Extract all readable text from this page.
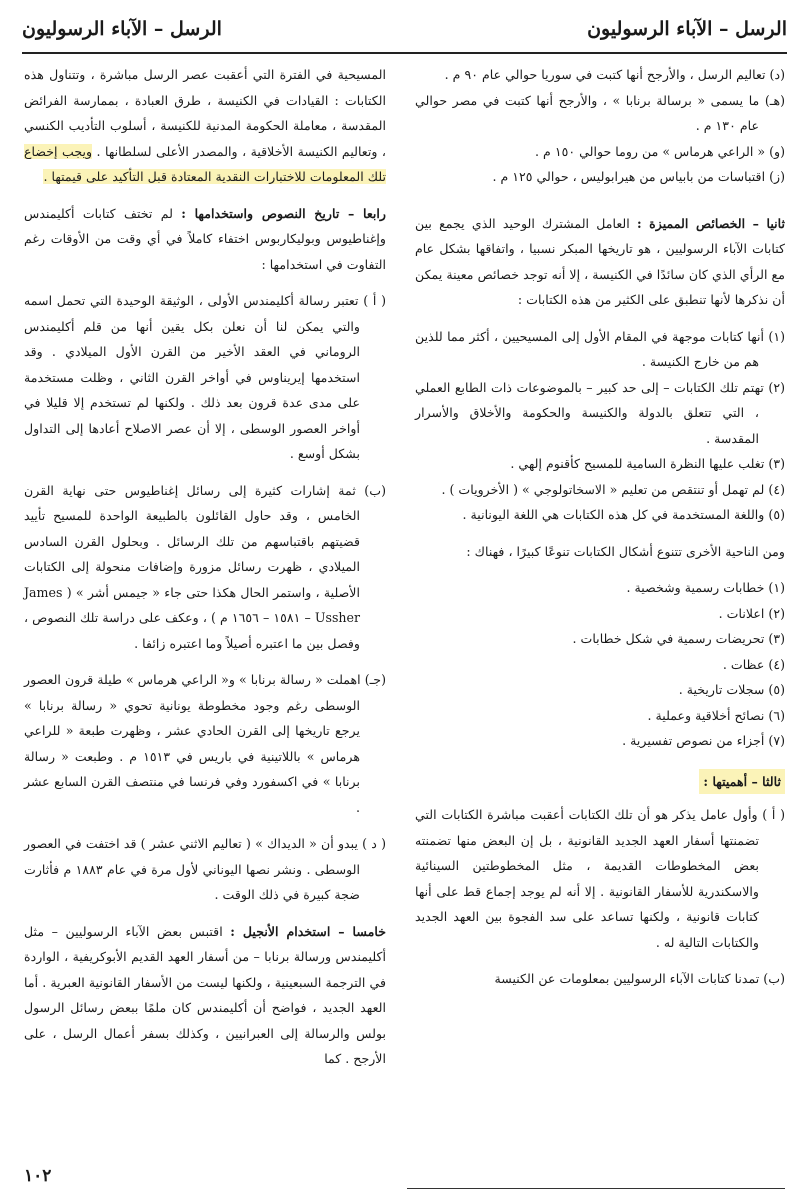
الرسل – الآباء الرسوليون
الرسل – الآباء الرسوليون
(د) تعاليم الرسل ، والأرجح أنها كتبت في سوريا حوالي عام ٩٠ م .
(هـ) ما يسمى « برسالة برنابا » ، والأرجح أنها كتبت في مصر حوالي عام ١٣٠ م .
(و) « الراعي هرماس » من روما حوالي ١٥٠ م .
(ز) اقتباسات من بابياس من هيرابوليس ، حوالي ١٢٥ م .

ثانيا – الخصائص المميزة : العامل المشترك الوحيد الذي يجمع بين كتابات الآباء الرسوليين ، هو تاريخها المبكر نسبيا ، واتفاقها بشكل عام مع الرأي الذي كان سائدًا في الكنيسة ، إلا أنه توجد خصائص معينة يمكن أن نذكرها لأنها تنطبق على الكثير من هذه الكتابات :

(١) أنها كتابات موجهة في المقام الأول إلى المسيحيين ، أكثر مما للذين هم من خارج الكنيسة .
(٢) تهتم تلك الكتابات – إلى حد كبير – بالموضوعات ذات الطابع العملي ، التي تتعلق بالدولة والكنيسة والحكومة والأخلاق والأسرار المقدسة .
(٣) تغلب عليها النظرة السامية للمسيح كأقنوم إلهي .
(٤) لم تهمل أو تنتقص من تعليم « الاسخاتولوجي » ( الأخرويات ) .
(٥) واللغة المستخدمة في كل هذه الكتابات هي اللغة اليونانية .

ومن الناحية الأخرى تتنوع أشكال الكتابات تنوعًا كبيرًا ، فهناك :

(١) خطابات رسمية وشخصية .
(٢) اعلانات .
(٣) تحريضات رسمية في شكل خطابات .
(٤) عظات .
(٥) سجلات تاريخية .
(٦) نصائح أخلاقية وعملية .
(٧) أجزاء من نصوص تفسيرية .
ثالثا – أهميتها :

( أ ) وأول عامل يذكر هو أن تلك الكتابات أعقبت مباشرة الكتابات التي تضمنتها أسفار العهد الجديد القانونية ، بل إن البعض منها تضمنته بعض المخطوطات القديمة ، مثل المخطوطتين السينائية والاسكندرية للأسفار القانونية . إلا أنه لم يوجد إجماع قط على أنها كتابات قانونية ، ولكنها تساعد على سد الفجوة بين العهد الجديد والكتابات التالية له .

(ب) تمدنا كتابات الآباء الرسوليين بمعلومات عن الكنيسة

المسيحية في الفترة التي أعقبت عصر الرسل مباشرة ، وتتناول هذه الكتابات : القيادات في الكنيسة ، طرق العبادة ، بممارسة الفرائض المقدسة ، معاملة الحكومة المدنية للكنيسة ، أسلوب التأديب الكنسي ، وتعاليم الكنيسة الأخلاقية ، والمصدر الأعلى لسلطانها . ويجب إخضاع تلك المعلومات للاختبارات النقدية المعتادة قبل التأكيد على قيمتها .

رابعا – تاريخ النصوص واستخدامها : لم تختف كتابات أكليمندس وإغناطيوس وبوليكاربوس اختفاء كاملاً في أي وقت من الأوقات رغم التفاوت في استخدامها :

( أ ) تعتبر رسالة أكليمندس الأولى ، الوثيقة الوحيدة التي تحمل اسمه والتي يمكن لنا أن نعلن بكل يقين أنها من قلم أكليمندس الروماني في العقد الأخير من القرن الأول الميلادي . وقد استخدمها إيريناوس في أواخر القرن الثاني ، وظلت مستخدمة على مدى عدة قرون بعد ذلك . ولكنها لم تستخدم إلا قليلا في أواخر العصور الوسطى ، إلا أن عصر الاصلاح أعادها إلى التداول بشكل أوسع .

(ب) ثمة إشارات كثيرة إلى رسائل إغناطيوس حتى نهاية القرن الخامس ، وقد حاول القائلون بالطبيعة الواحدة للمسيح تأييد قضيتهم باقتباسهم من تلك الرسائل . وبحلول القرن السادس الميلادي ، ظهرت رسائل مزورة وإضافات منحولة إلى الكتابات الأصلية ، واستمر الحال هكذا حتى جاء « جيمس أشر » ( James Ussher – ١٥٨١ – ١٦٥٦ م ) ، وعكف على دراسة تلك النصوص ، وفصل بين ما اعتبره أصيلاً وما اعتبره زائفا .

(جـ) اهملت « رسالة برنابا » و« الراعي هرماس » طيلة قرون العصور الوسطى رغم وجود مخطوطة يونانية تحوي « رسالة برنابا » يرجع تاريخها إلى القرن الحادي عشر ، وظهرت طبعة « للراعي هرماس » باللاتينية في باريس في ١٥١٣ م . وطبعت « رسالة برنابا » في اكسفورد وفي فرنسا في منتصف القرن السابع عشر .

( د ) يبدو أن « الديداك » ( تعاليم الاثني عشر ) قد اختفت في العصور الوسطى . ونشر نصها اليوناني لأول مرة في عام ١٨٨٣ م فأثارت ضجة كبيرة في ذلك الوقت .

خامسا – استخدام الأنجيل : اقتبس بعض الآباء الرسوليين – مثل أكليمندس ورسالة برنابا – من أسفار العهد القديم الأبوكريفية ، الواردة في الترجمة السبعينية ، ولكنها ليست من الأسفار القانونية العبرية . أما العهد الجديد ، فواضح أن أكليمندس كان ملمًا ببعض رسائل الرسول بولس والرسالة إلى العبرانيين ، وكذلك بسفر أعمال الرسل ، على الأرجح . كما

١٠٢
